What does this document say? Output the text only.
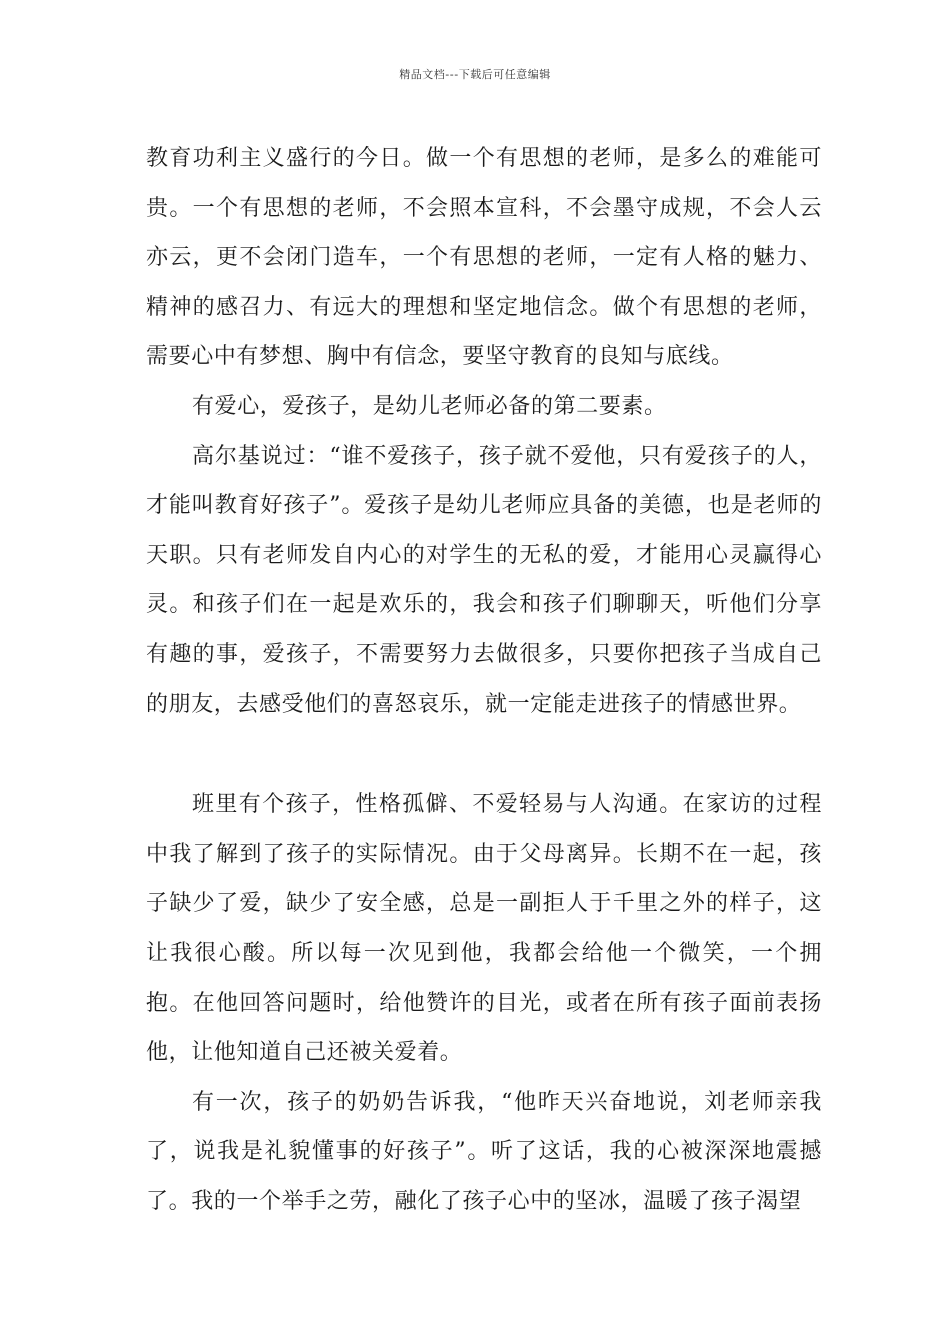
精品文档---下载后可任意编辑

教育功利主义盛行的今日。做一个有思想的老师，是多么的难能可贵。一个有思想的老师，不会照本宣科，不会墨守成规，不会人云亦云，更不会闭门造车，一个有思想的老师，一定有人格的魅力、精神的感召力、有远大的理想和坚定地信念。做个有思想的老师，需要心中有梦想、胸中有信念，要坚守教育的良知与底线。

有爱心，爱孩子，是幼儿老师必备的第二要素。

高尔基说过：“谁不爱孩子，孩子就不爱他，只有爱孩子的人，才能叫教育好孩子”。爱孩子是幼儿老师应具备的美德，也是老师的天职。只有老师发自内心的对学生的无私的爱，才能用心灵赢得心灵。和孩子们在一起是欢乐的，我会和孩子们聊聊天，听他们分享有趣的事，爱孩子，不需要努力去做很多，只要你把孩子当成自己的朋友，去感受他们的喜怒哀乐，就一定能走进孩子的情感世界。

班里有个孩子，性格孤僻、不爱轻易与人沟通。在家访的过程中我了解到了孩子的实际情况。由于父母离异。长期不在一起，孩子缺少了爱，缺少了安全感，总是一副拒人于千里之外的样子，这让我很心酸。所以每一次见到他，我都会给他一个微笑，一个拥抱。在他回答问题时，给他赞许的目光，或者在所有孩子面前表扬他，让他知道自己还被关爱着。

有一次，孩子的奶奶告诉我，“他昨天兴奋地说，刘老师亲我了，说我是礼貌懂事的好孩子”。听了这话，我的心被深深地震撼了。我的一个举手之劳，融化了孩子心中的坚冰，温暖了孩子渴望
